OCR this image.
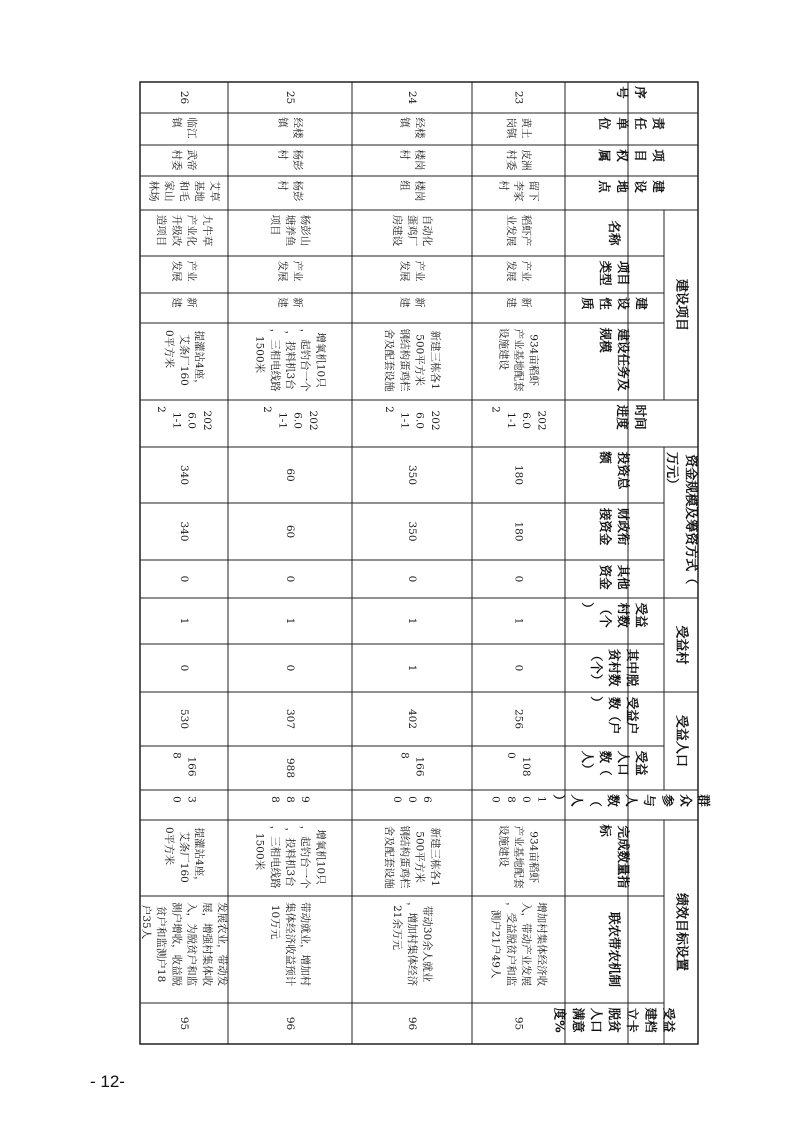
序
号
责
任
单
位
项
目
权
属
建
设
地
点
名称
项目
类型
建
设
性
质
建设任务及
规模
时间
进度
投资总
额
财政衔
接资金
其他
资金
受益
村数
（个
）
其中脱
贫村数
（个）
受益户
数（户
）
受益
人口
数（
人）
群
众
参
与
人
数
（
人
）
完成数量指
标
联农带农机制
受益
建档
立卡
脱贫
人口
满意
度%
建设项目
资金规模及筹资方式（
万元）
受益村
受益人口
绩效目标设置
26
临江
镇
武帝
村委
艾草
基地
和毛
家山
林场
九牛草
产业化
升级改
造项目
产业
发展
新
建
提灌站4座，
艾条厂160
0平方米
202
6.0
1-1
2
340
340
0
1
0
530
166
8
3
0
提灌站4座，
艾条厂160
0平方米
发展农业，带动发
展，增强村集体收
入，为脱贫户和监
测户增收，收益脱
贫户和监测户18
户35人
95
25
经楼
镇
杨彭
村
杨彭
村
杨彭山
塘养鱼
项目
产业
发展
新
建
增氧机10只
，起钓台一个
，投料机3台
，三相电线路
1500米
202
6.0
1-1
2
60
60
0
1
0
307
988
9
8
8
增氧机10只
，起钓台一个
，投料机3台
，三相电线路
1500米
带动就业，增加村
集体经济收益预计
10万元
96
24
经楼
镇
楼岗
村
楼岗
组
自动化
蛋鸡厂
房建设
产业
发展
新
建
新建三栋各1
500平方米
钢结构蛋鸡栏
舍及配套设施
202
6.0
1-1
2
350
350
0
1
1
402
166
8
6
0
0
新建三栋各1
500平方米
钢结构蛋鸡栏
舍及配套设施
带动30余人就业
，增加村集体经济
21余万元
96
23
黄土
岗镇
皮洲
村委
留下
李家
村
稻虾产
业发展
产业
发展
新
建
934亩稻虾
产业基地配套
设施建设
202
6.0
1-1
2
180
180
0
1
0
256
108
0
1
0
8
0
934亩稻虾
产业基地配套
设施建设
增加村集体经济收
入，带动产业发展
，受益脱贫户和监
测户21户49人
95
- 12-
